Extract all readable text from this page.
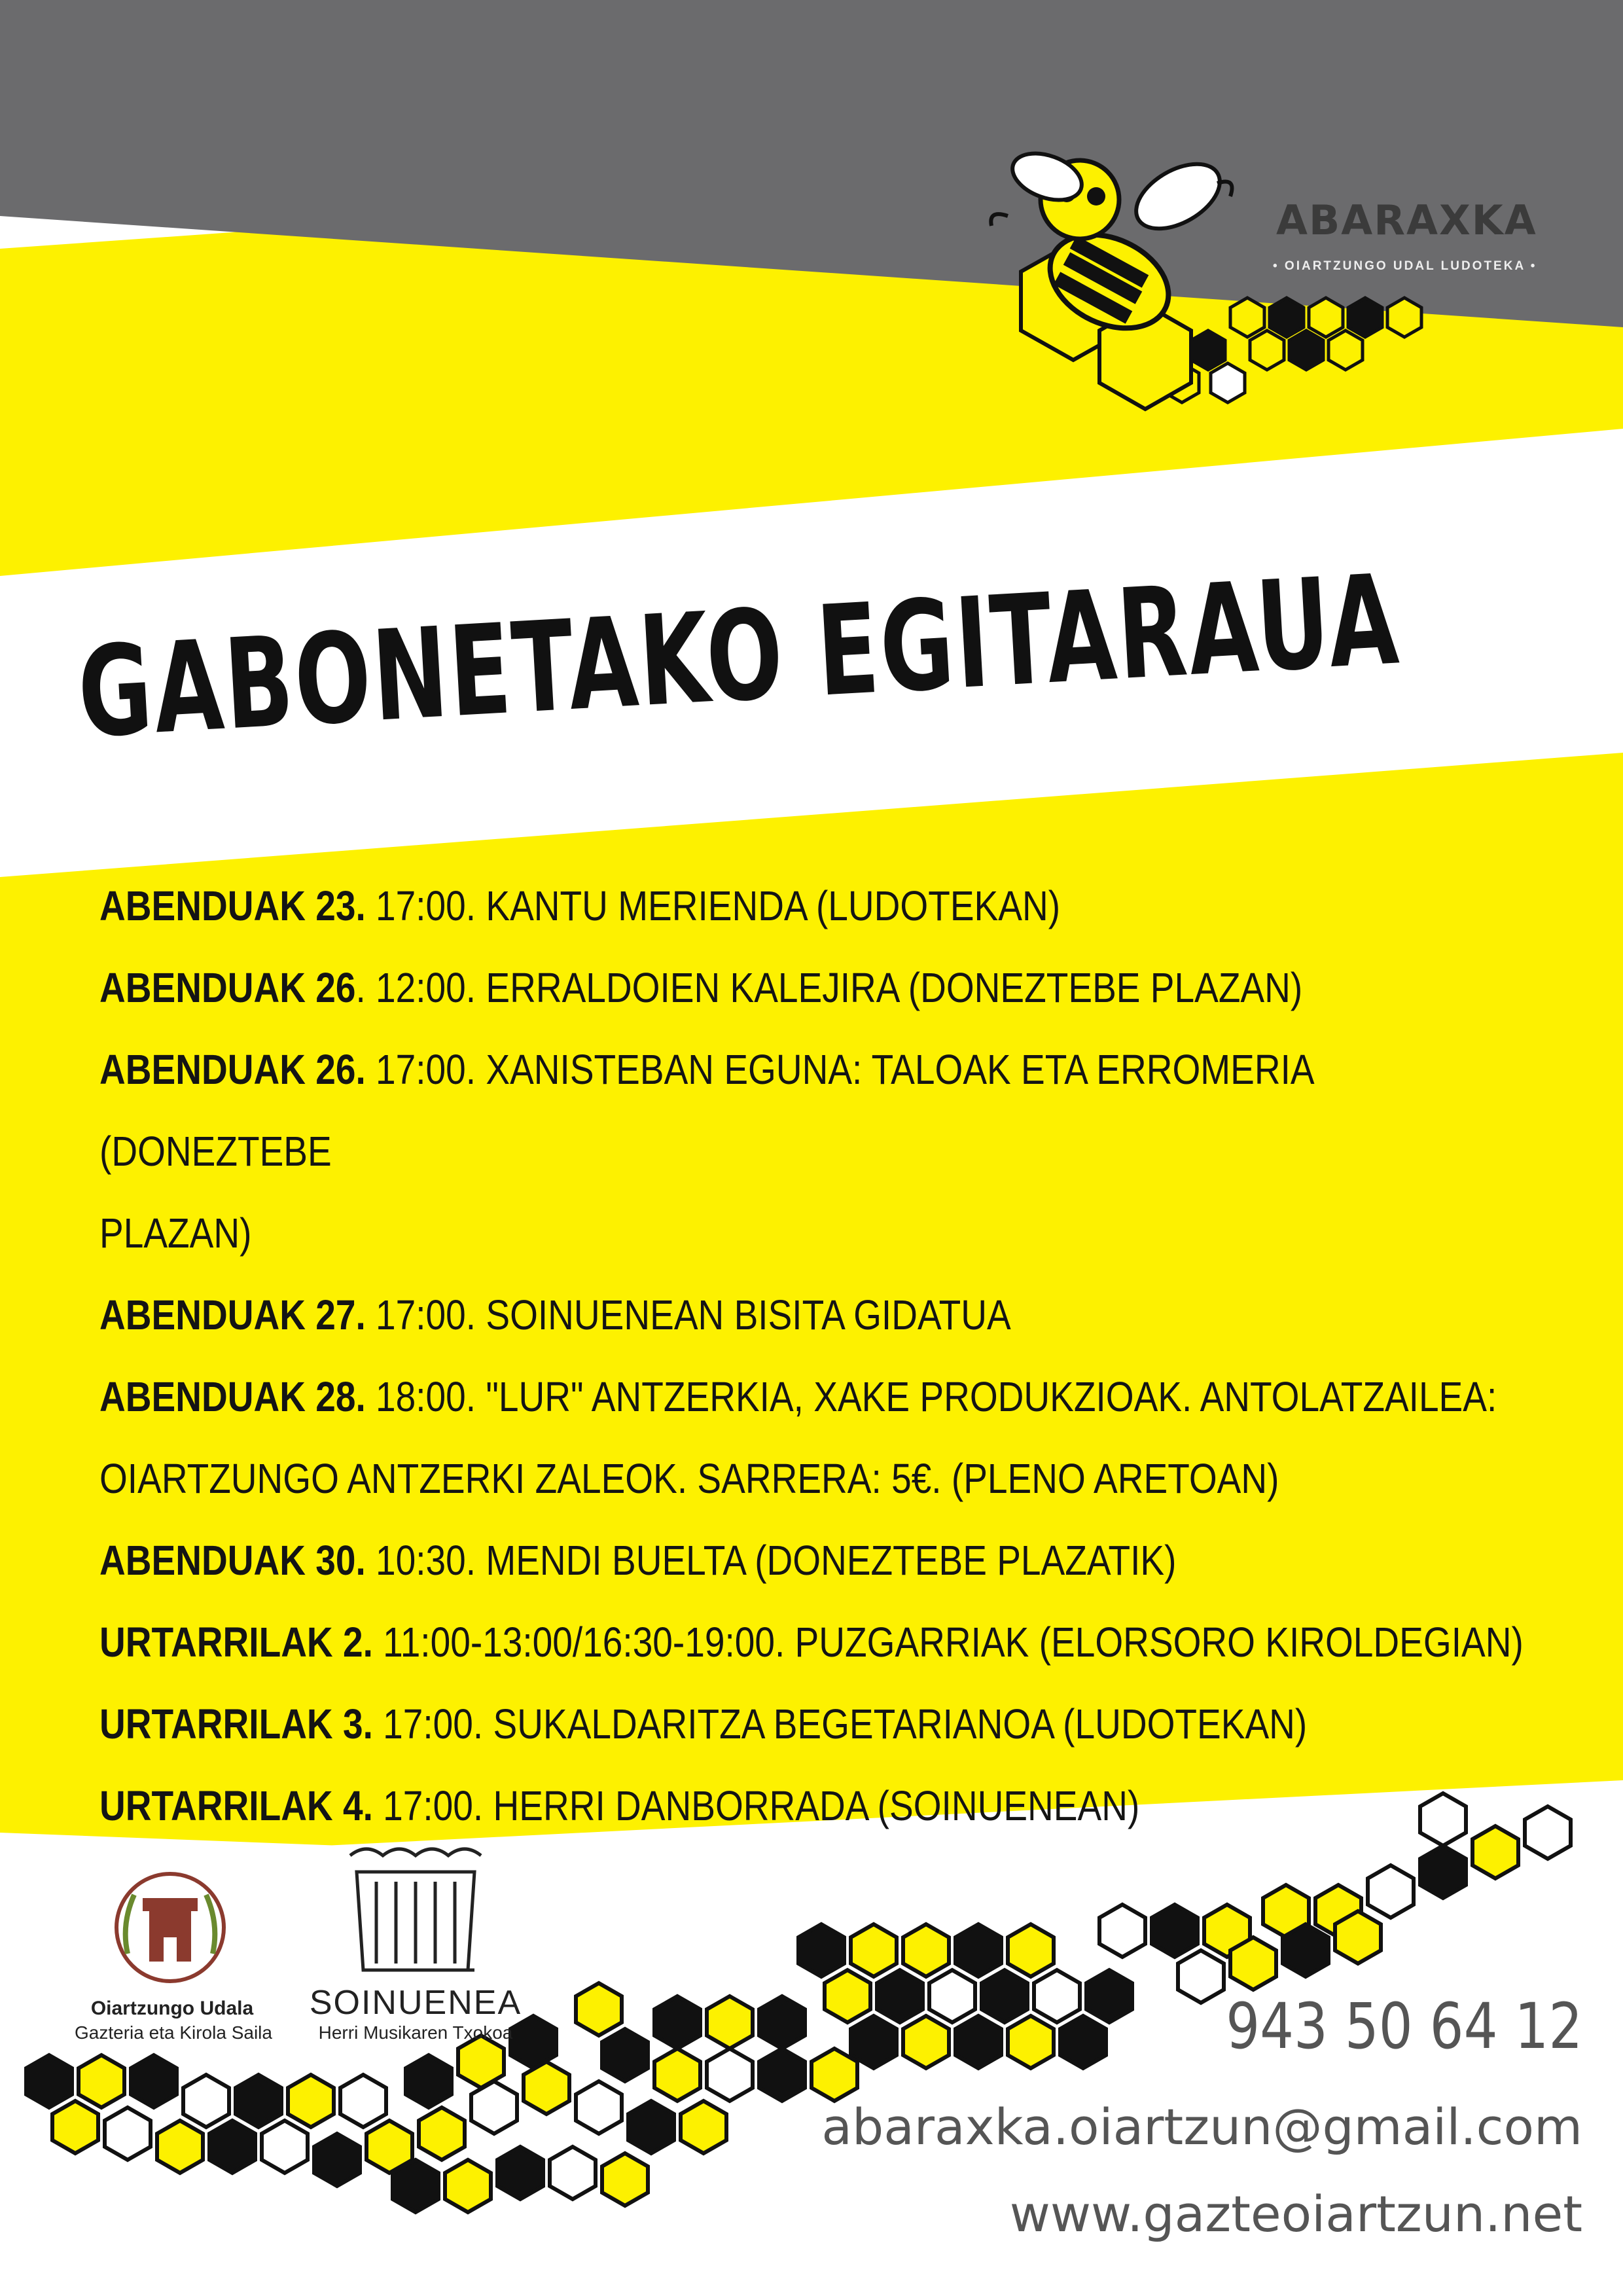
ABARAXKA
• OIARTZUNGO UDAL LUDOTEKA •
GABONETAKO EGITARAUA
ABENDUAK 23. 17:00. KANTU MERIENDA (LUDOTEKAN)
ABENDUAK 26. 12:00. ERRALDOIEN KALEJIRA (DONEZTEBE PLAZAN)
ABENDUAK 26. 17:00. XANISTEBAN EGUNA: TALOAK ETA ERROMERIA (DONEZTEBE
PLAZAN)
ABENDUAK 27. 17:00. SOINUENEAN BISITA GIDATUA
ABENDUAK 28. 18:00. "LUR" ANTZERKIA, XAKE PRODUKZIOAK. ANTOLATZAILEA:
OIARTZUNGO ANTZERKI ZALEOK. SARRERA: 5€. (PLENO ARETOAN)
ABENDUAK 30. 10:30. MENDI BUELTA (DONEZTEBE PLAZATIK)
URTARRILAK 2. 11:00-13:00/16:30-19:00. PUZGARRIAK (ELORSORO KIROLDEGIAN)
URTARRILAK 3. 17:00. SUKALDARITZA BEGETARIANOA (LUDOTEKAN)
URTARRILAK 4. 17:00. HERRI DANBORRADA (SOINUENEAN)
Oiartzungo Udala
Gazteria eta Kirola Saila
SOINUENEA
Herri Musikaren Txokoa	943 50 64 12
abaraxka.oiartzun@gmail.com
www.gazteoiartzun.net
